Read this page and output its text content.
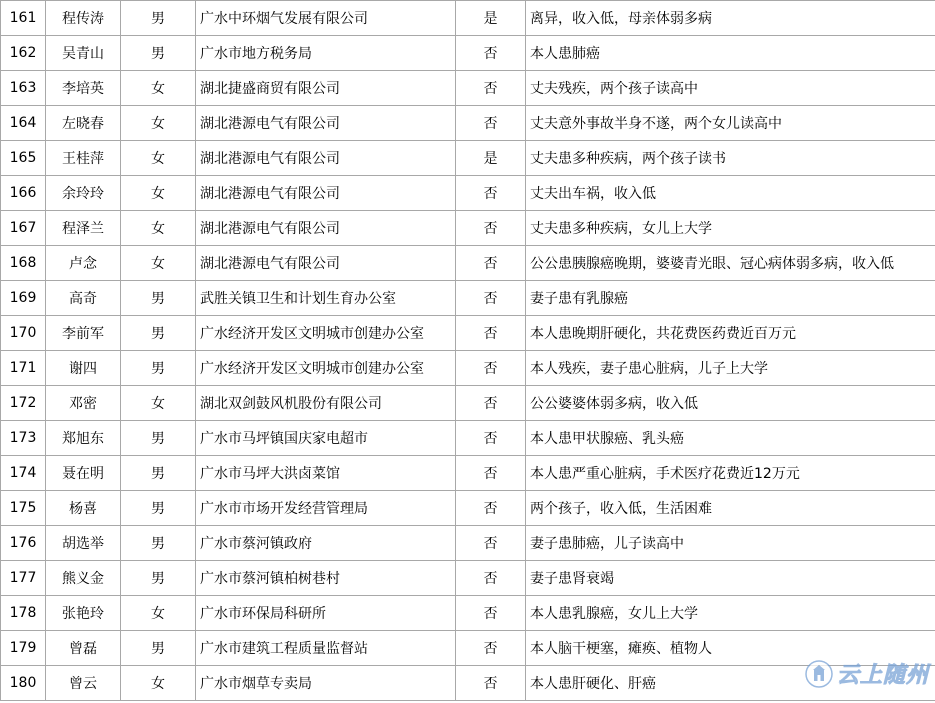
161	程传涛	男	广水中环烟气发展有限公司	是	离异，收入低，母亲体弱多病
162	吴青山	男	广水市地方税务局	否	本人患肺癌
163	李培英	女	湖北捷盛商贸有限公司	否	丈夫残疾，两个孩子读高中
164	左晓春	女	湖北港源电气有限公司	否	丈夫意外事故半身不遂，两个女儿读高中
165	王桂萍	女	湖北港源电气有限公司	是	丈夫患多种疾病，两个孩子读书
166	余玲玲	女	湖北港源电气有限公司	否	丈夫出车祸，收入低
167	程泽兰	女	湖北港源电气有限公司	否	丈夫患多种疾病，女儿上大学
168	卢念	女	湖北港源电气有限公司	否	公公患胰腺癌晚期，婆婆青光眼、冠心病体弱多病，收入低
169	高奇	男	武胜关镇卫生和计划生育办公室	否	妻子患有乳腺癌
170	李前军	男	广水经济开发区文明城市创建办公室	否	本人患晚期肝硬化，共花费医药费近百万元
171	谢四	男	广水经济开发区文明城市创建办公室	否	本人残疾，妻子患心脏病，儿子上大学
172	邓密	女	湖北双剑鼓风机股份有限公司	否	公公婆婆体弱多病，收入低
173	郑旭东	男	广水市马坪镇国庆家电超市	否	本人患甲状腺癌、乳头癌
174	聂在明	男	广水市马坪大洪卤菜馆	否	本人患严重心脏病，手术医疗花费近12万元
175	杨喜	男	广水市市场开发经营管理局	否	两个孩子，收入低，生活困难
176	胡选举	男	广水市蔡河镇政府	否	妻子患肺癌，儿子读高中
177	熊义金	男	广水市蔡河镇柏树巷村	否	妻子患肾衰竭
178	张艳玲	女	广水市环保局科研所	否	本人患乳腺癌，女儿上大学
179	曾磊	男	广水市建筑工程质量监督站	否	本人脑干梗塞，瘫痪、植物人
180	曾云	女	广水市烟草专卖局	否	本人患肝硬化、肝癌	云上随州
